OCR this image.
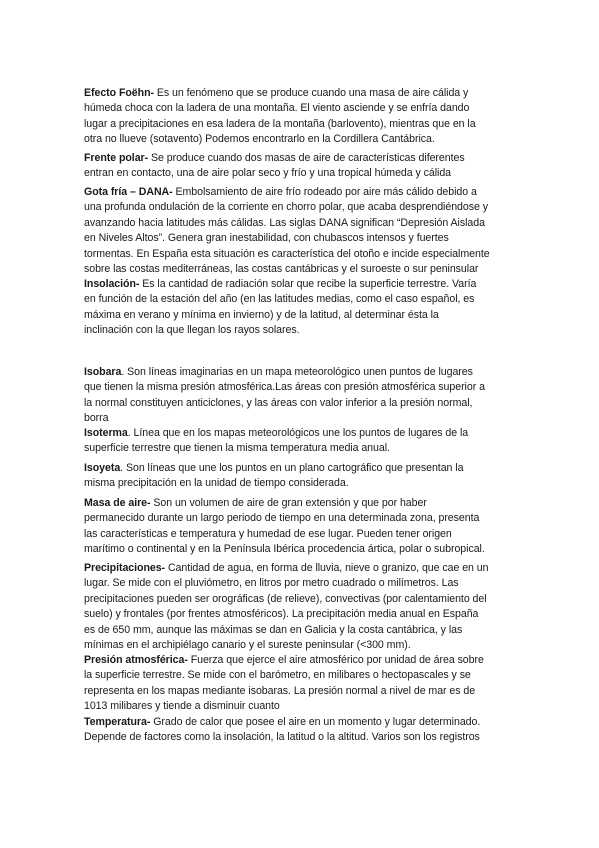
Efecto Foëhn- Es un fenómeno que se produce cuando una masa de aire cálida y
húmeda choca con la ladera de una montaña. El viento asciende y se enfría dando
lugar a precipitaciones en esa ladera de la montaña (barlovento), mientras que en la
otra no llueve (sotavento) Podemos encontrarlo en la Cordillera Cantábrica.
Frente polar- Se produce cuando dos masas de aire de características diferentes
entran en contacto, una de aire polar seco y frío y una tropical húmeda y cálida
Gota fría – DANA- Embolsamiento de aire frío rodeado por aire más cálido debido a
una profunda ondulación de la corriente en chorro polar, que acaba desprendiéndose y
avanzando hacia latitudes más cálidas. Las siglas DANA significan “Depresión Aislada
en Niveles Altos”. Genera gran inestabilidad, con chubascos intensos y fuertes
tormentas. En España esta situación es característica del otoño e incide especialmente
sobre las costas mediterráneas, las costas cantábricas y el suroeste o sur peninsular
Insolación- Es la cantidad de radiación solar que recibe la superficie terrestre. Varía
en función de la estación del año (en las latitudes medias, como el caso español, es
máxima en verano y mínima en invierno) y de la latitud, al determinar ésta la
inclinación con la que llegan los rayos solares.
Isobara. Son líneas imaginarias en un mapa meteorológico unen puntos de lugares
que tienen la misma presión atmosférica.Las áreas con presión atmosférica superior a
la normal constituyen anticiclones, y las áreas con valor inferior a la presión normal,
borra
Isoterma. Línea que en los mapas meteorológicos une los puntos de lugares de la
superficie terrestre que tienen la misma temperatura media anual.
Isoyeta. Son líneas que une los puntos en un plano cartográfico que presentan la
misma precipitación en la unidad de tiempo considerada.
Masa de aire- Son un volumen de aire de gran extensión y que por haber
permanecido durante un largo periodo de tiempo en una determinada zona, presenta
las características e temperatura y humedad de ese lugar. Pueden tener origen
marítimo o continental y en la Península Ibérica procedencia ártica, polar o subropical.
Precipitaciones- Cantidad de agua, en forma de lluvia, nieve o granizo, que cae en un
lugar. Se mide con el pluviómetro, en litros por metro cuadrado o milímetros. Las
precipitaciones pueden ser orográficas (de relieve), convectivas (por calentamiento del
suelo) y frontales (por frentes atmosféricos). La precipitación media anual en España
es de 650 mm, aunque las máximas se dan en Galicia y la costa cantábrica, y las
mínimas en el archipiélago canario y el sureste peninsular (<300 mm).
Presión atmosférica- Fuerza que ejerce el aire atmosférico por unidad de área sobre
la superficie terrestre. Se mide con el barómetro, en milibares o hectopascales y se
representa en los mapas mediante isobaras. La presión normal a nivel de mar es de
1013 milibares y tiende a disminuir cuanto
Temperatura- Grado de calor que posee el aire en un momento y lugar determinado.
Depende de factores como la insolación, la latitud o la altitud. Varios son los registros
